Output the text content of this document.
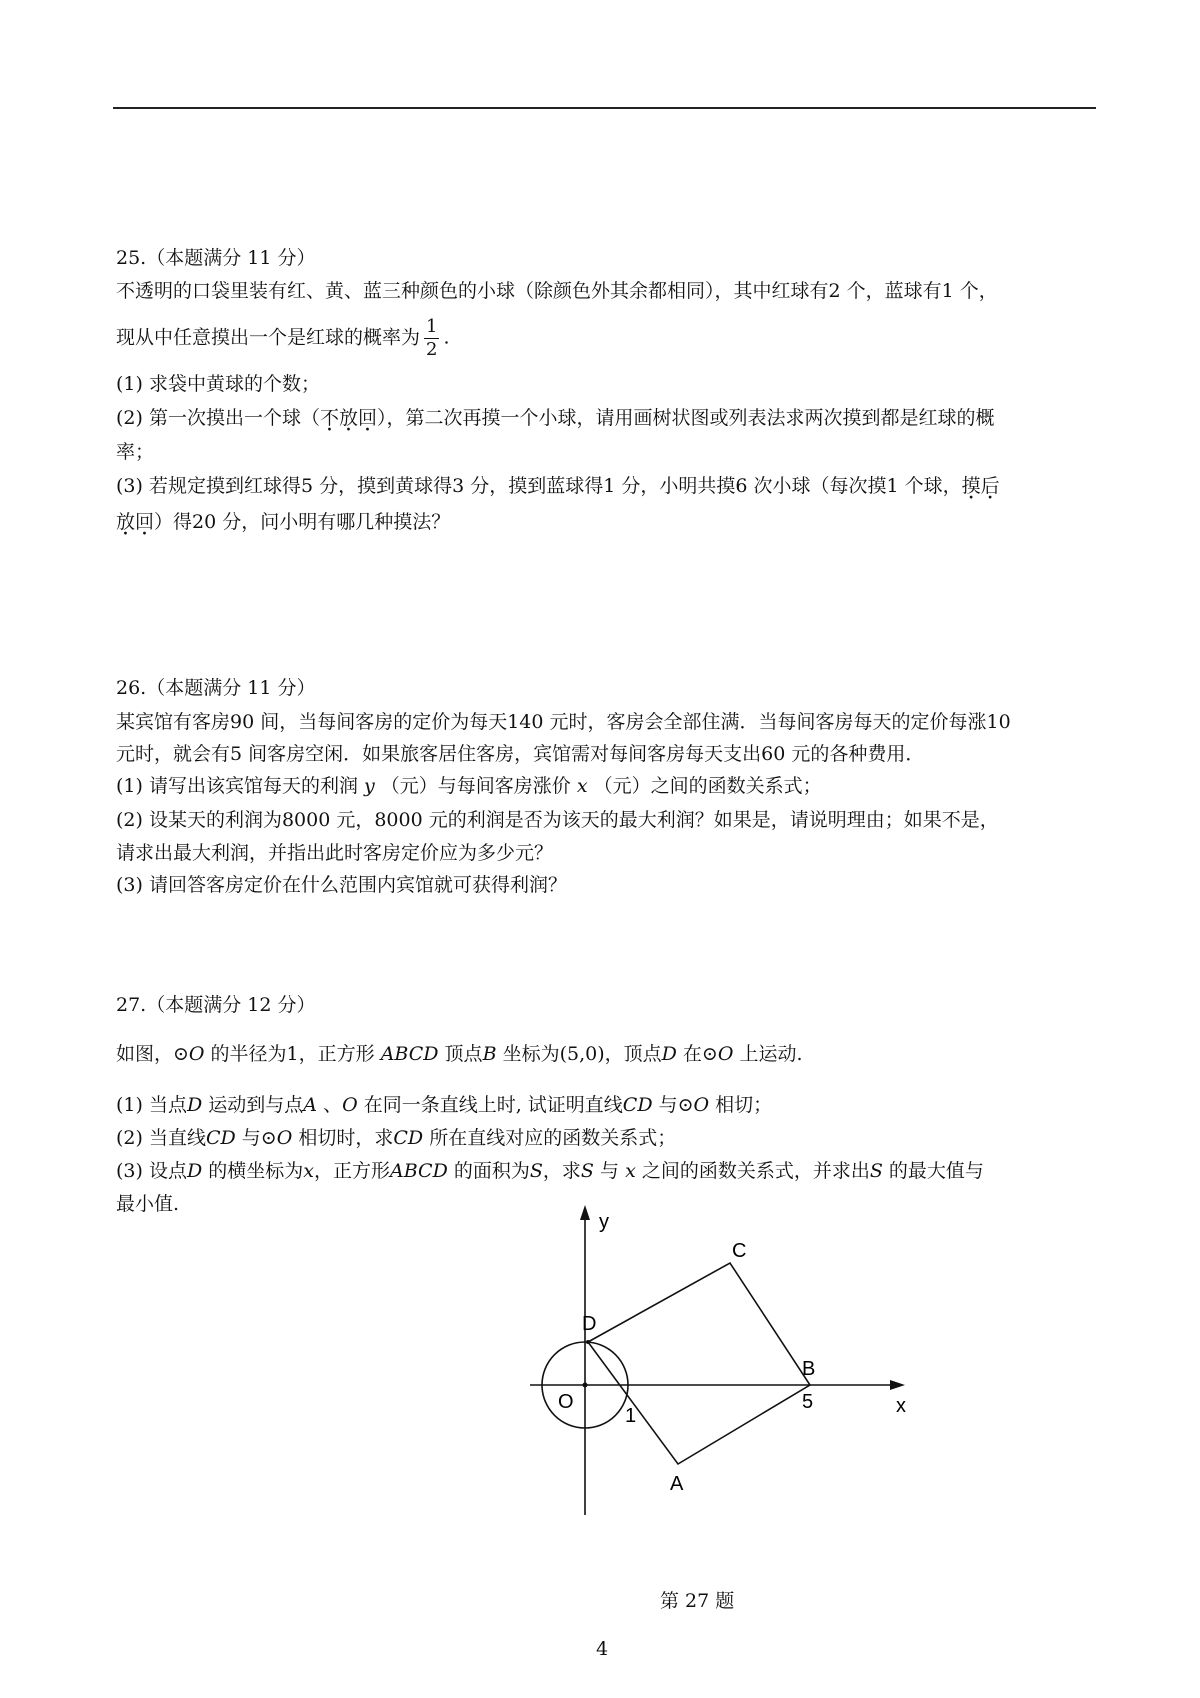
25.（本题满分 11 分）
不透明的口袋里装有红、黄、蓝三种颜色的小球（除颜色外其余都相同），其中红球有2 个，蓝球有1 个，
现从中任意摸出一个是红球的概率为 $\frac{1}{2}$ .
(1) 求袋中黄球的个数；
(2) 第一次摸出一个球（不放回），第二次再摸一个小球，请用画树状图或列表法求两次摸到都是红球的概
率；
(3) 若规定摸到红球得5 分，摸到黄球得3 分，摸到蓝球得1 分，小明共摸6 次小球（每次摸1 个球，摸后
放回）得20 分，问小明有哪几种摸法？
26.（本题满分 11 分）
某宾馆有客房90 间，当每间客房的定价为每天140 元时，客房会全部住满．当每间客房每天的定价每涨10
元时，就会有5 间客房空闲．如果旅客居住客房，宾馆需对每间客房每天支出60 元的各种费用．
(1) 请写出该宾馆每天的利润 y （元）与每间客房涨价 x （元）之间的函数关系式；
(2) 设某天的利润为8000 元，8000 元的利润是否为该天的最大利润？如果是，请说明理由；如果不是，
请求出最大利润，并指出此时客房定价应为多少元？
(3) 请回答客房定价在什么范围内宾馆就可获得利润？
27.（本题满分 12 分）
如图，⊙O 的半径为1，正方形 ABCD 顶点B 坐标为(5,0)，顶点D 在⊙O 上运动.
(1) 当点D 运动到与点A 、O 在同一条直线上时, 试证明直线CD 与⊙O 相切；
(2) 当直线CD 与⊙O 相切时，求CD 所在直线对应的函数关系式；
(3) 设点D 的横坐标为x，正方形ABCD 的面积为S，求S 与 x 之间的函数关系式，并求出S 的最大值与
最小值.
y
x
O
1
D
C
B
5
A
第 27 题
4
